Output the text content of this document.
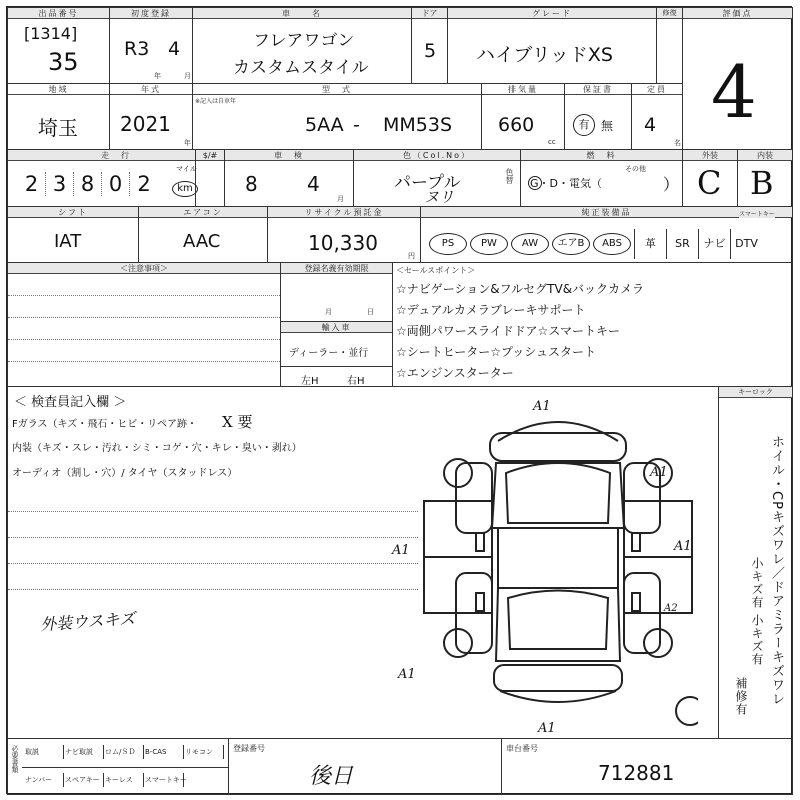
出品番号
[1314]
35
初度登録
R3 4
年	月
車　　名
フレアワゴン
カスタムスタイル
ドア
5
グレード
ハイブリッドXS
修復	評価点
4
地域
埼玉
年式
2021
年
型　式
※記入は自車年
5AA - MM53S
排気量
660
cc
保証書
有 無
定員
4
名
走　行
2 3 8 0 2
マイル
km
$/#	車　検
8 4
月
色（Col.No）
パープル
ヌリ
色替
燃　料
G・D・電気（
その他
）
外装
C
内装
B
シフト
IAT
エアコン
AAC
リサイクル預託金
10,330
円
純正装備品	スマートキー
PS	PW	AW	エアB	ABS	革	SR	ナビ DTV
＜注意事項＞	登録名義有効期限
月	日
輸入車
ディーラー・並行
左H	右H
＜セールスポイント＞
☆ナビゲーション&フルセグTV&バックカメラ
☆デュアルカメラブレーキサポート
☆両側パワースライドドア☆スマートキー
☆シートヒーター☆プッシュスタート
☆エンジンスターター
＜ 検査員記入欄 ＞
Fガラス（キズ・飛石・ヒビ・リペア跡・ X 要
内装（キズ・スレ・汚れ・シミ・コゲ・穴・キレ・臭い・剥れ）
オーディオ（割し・穴）/ タイヤ（スタッドレス）
外装ウスキズ
A1
A1
A1	A1
A1
A1
A2
キーロック
ホイル・CPキズワレ／ドアミラーキズワレ
小キズ有 小キズ有
補修有
必要書類 取説	ナビ取説	ロム/ＳＤ	B-CAS	リモコン
ナンバー	スペアキー キーレス	スマートキー
登録番号
後日
車台番号
712881
